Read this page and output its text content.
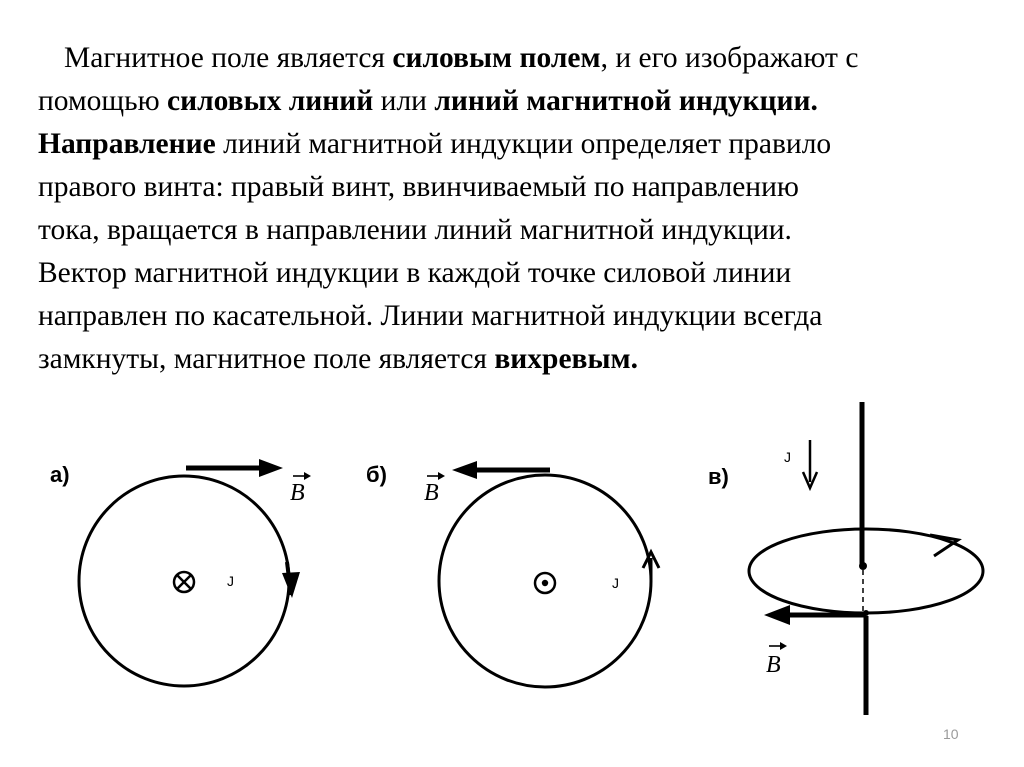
Магнитное поле является силовым полем, и его изображают с
помощью силовых линий или линий магнитной индукции.
Направление линий магнитной индукции определяет правило
правого винта: правый винт, ввинчиваемый по направлению
тока, вращается в направлении линий магнитной индукции.
Вектор магнитной индукции в каждой точке силовой линии
направлен по касательной. Линии магнитной индукции всегда
замкнуты, магнитное поле является вихревым.
а)
J
B
б)
J
B
в)
J
B
10
